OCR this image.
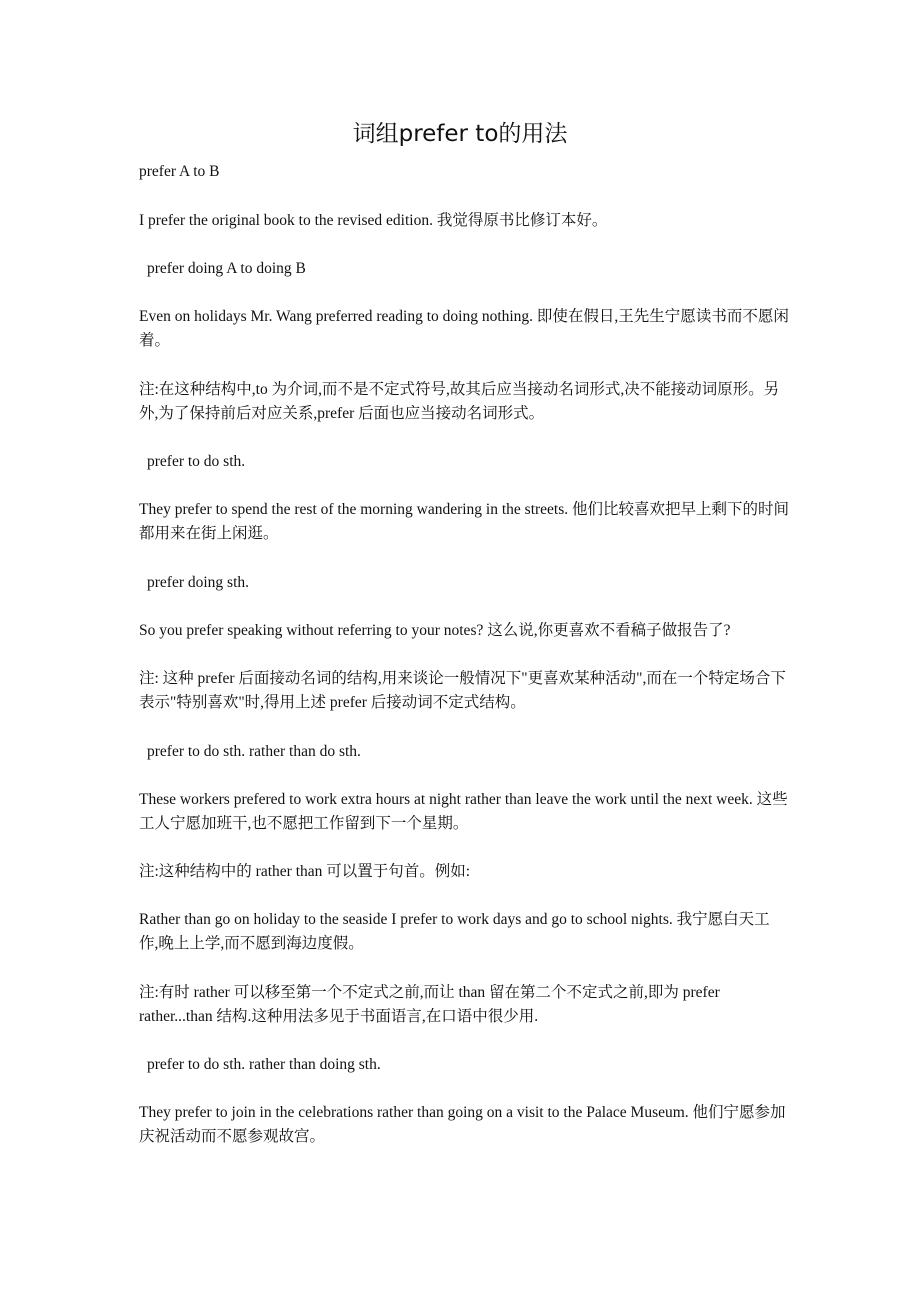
词组prefer to的用法

prefer A to B

I prefer the original book to the revised edition. 我觉得原书比修订本好。

prefer doing A to doing B

Even on holidays Mr. Wang preferred reading to doing nothing. 即使在假日,王先生宁愿读书而不愿闲着。

注:在这种结构中,to 为介词,而不是不定式符号,故其后应当接动名词形式,决不能接动词原形。另外,为了保持前后对应关系,prefer 后面也应当接动名词形式。

prefer to do sth.

They prefer to spend the rest of the morning wandering in the streets. 他们比较喜欢把早上剩下的时间都用来在街上闲逛。

prefer doing sth.

So you prefer speaking without referring to your notes? 这么说,你更喜欢不看稿子做报告了?

注: 这种 prefer 后面接动名词的结构,用来谈论一般情况下"更喜欢某种活动",而在一个特定场合下表示"特别喜欢"时,得用上述 prefer 后接动词不定式结构。

prefer to do sth. rather than do sth.

These workers prefered to work extra hours at night rather than leave the work until the next week. 这些工人宁愿加班干,也不愿把工作留到下一个星期。

注:这种结构中的 rather than 可以置于句首。例如:

Rather than go on holiday to the seaside I prefer to work days and go to school nights. 我宁愿白天工作,晚上上学,而不愿到海边度假。

注:有时 rather 可以移至第一个不定式之前,而让 than 留在第二个不定式之前,即为 prefer rather...than 结构.这种用法多见于书面语言,在口语中很少用.

prefer to do sth. rather than doing sth.

They prefer to join in the celebrations rather than going on a visit to the Palace Museum. 他们宁愿参加庆祝活动而不愿参观故宫。
